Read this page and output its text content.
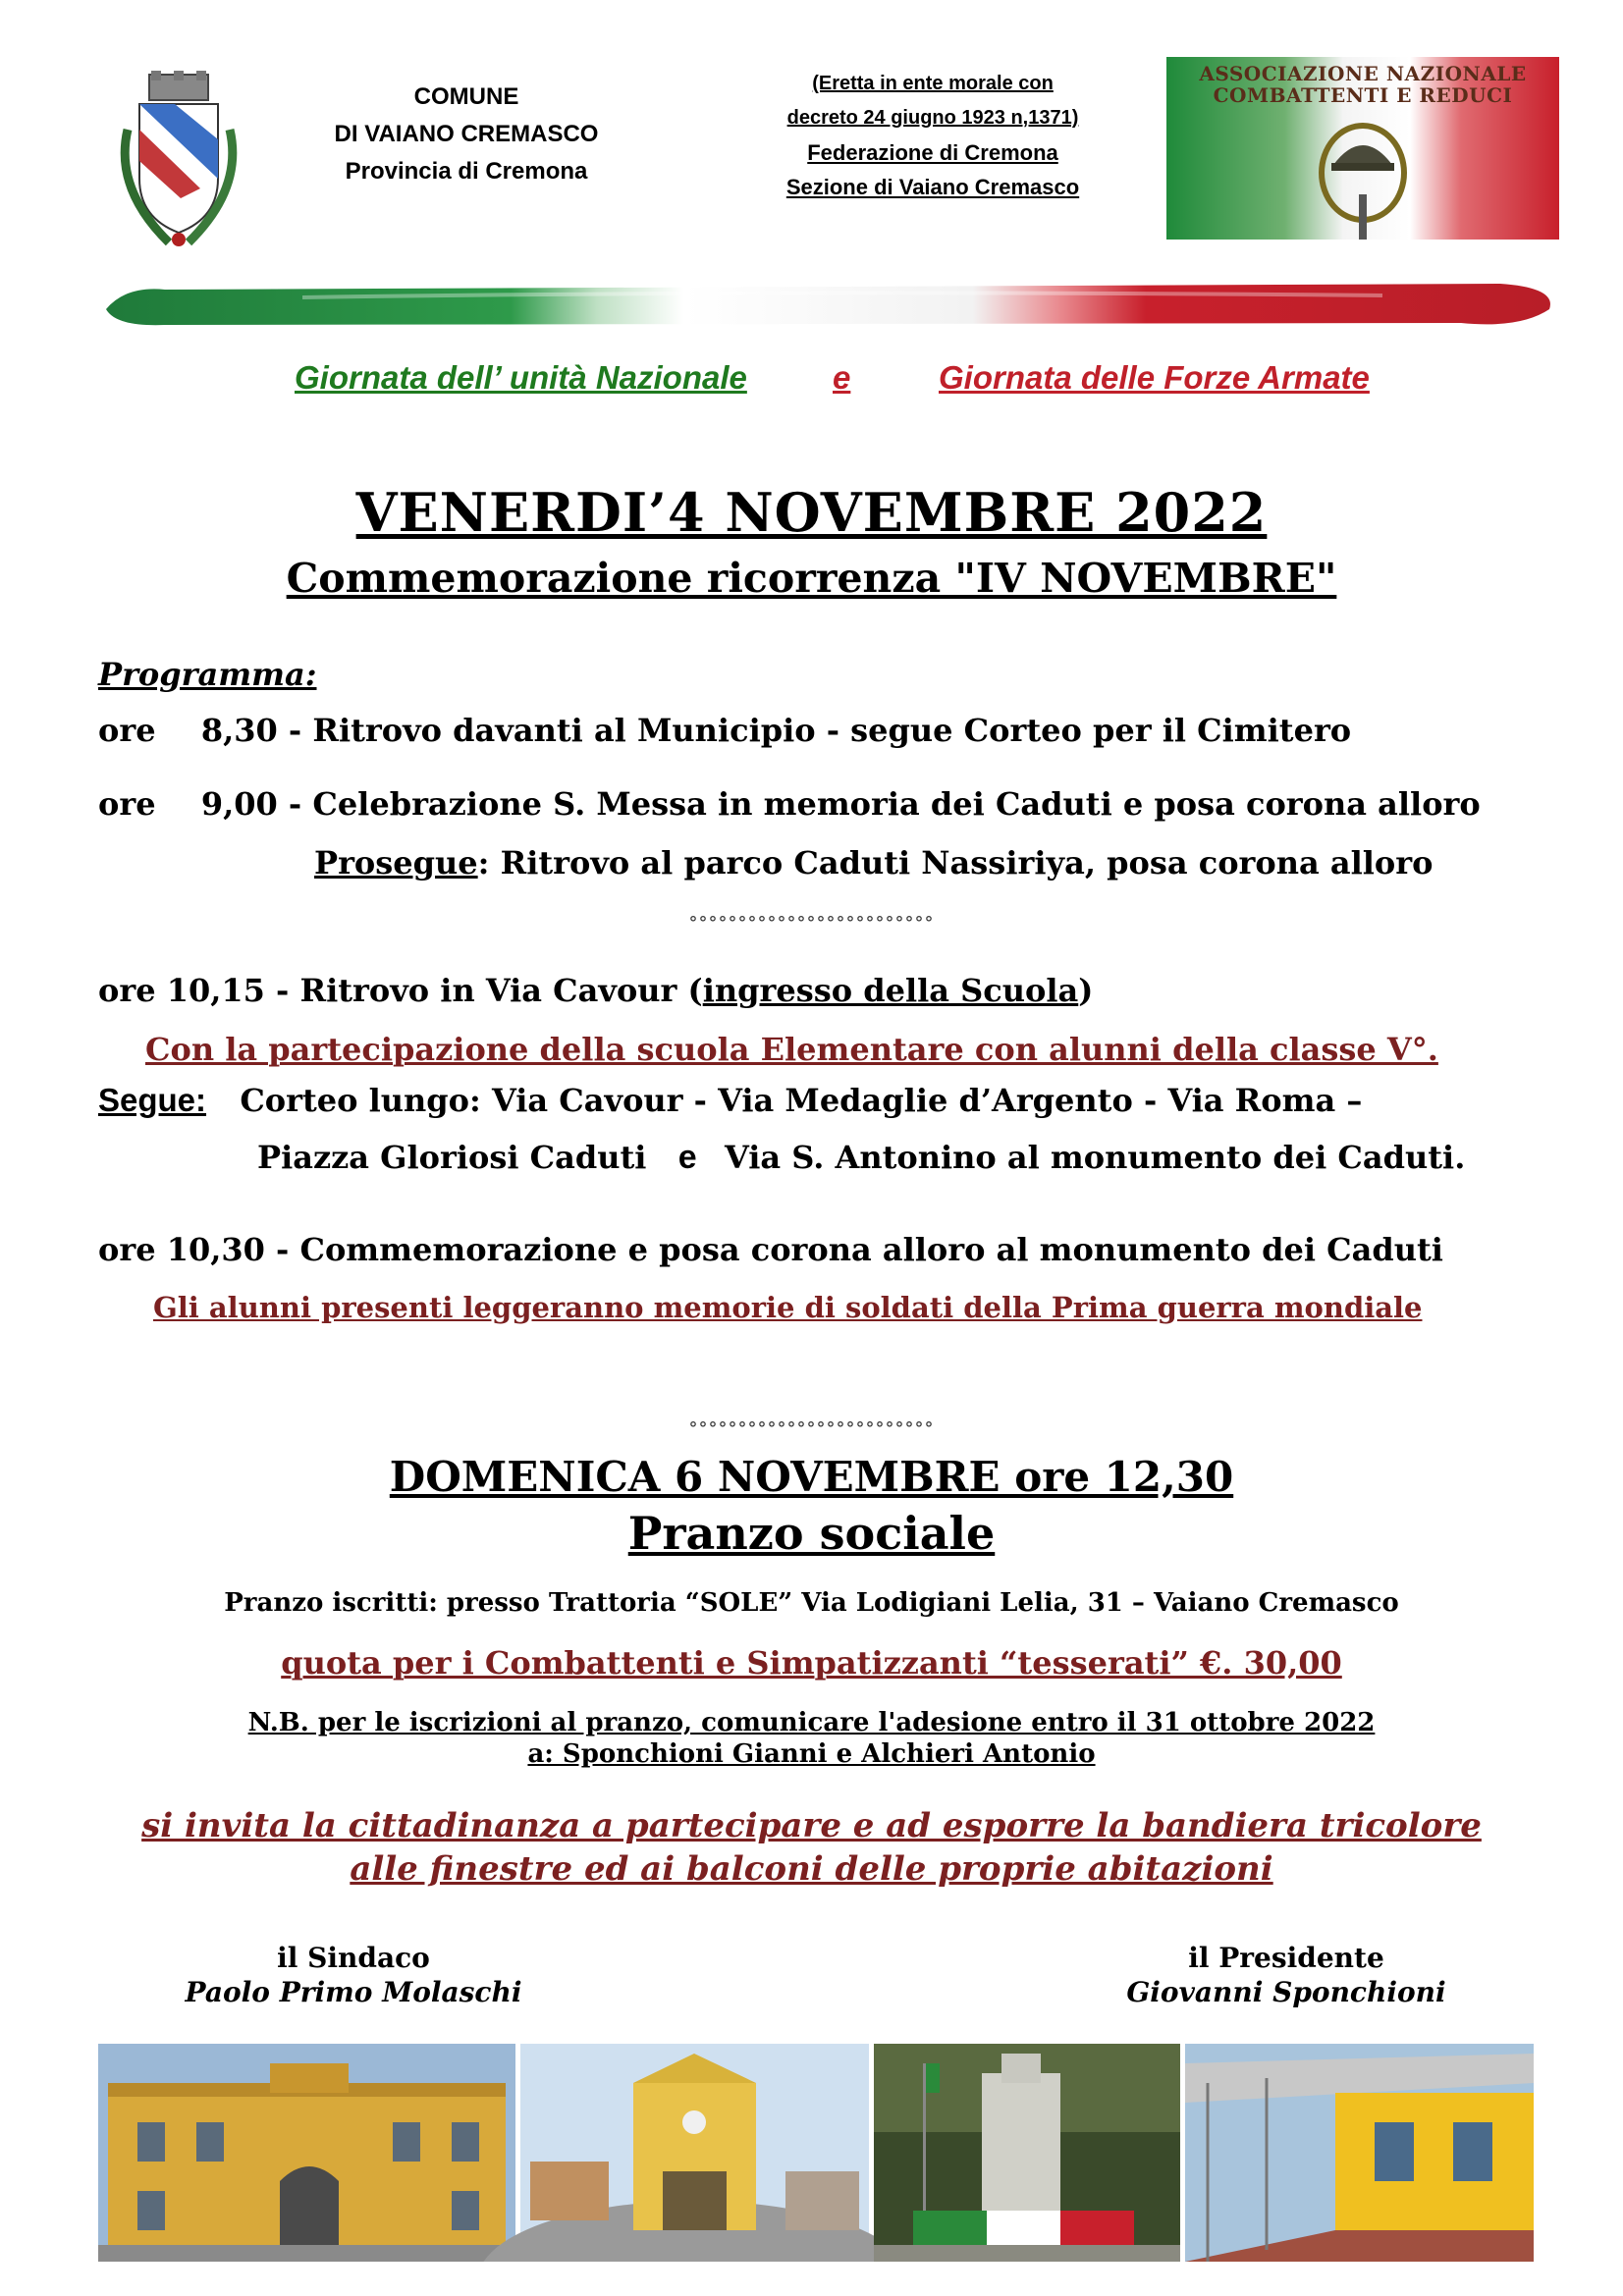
COMUNE
DI VAIANO CREMASCO
Provincia di Cremona
(Eretta in ente morale con
decreto 24 giugno 1923 n,1371)
Federazione di Cremona
Sezione di Vaiano Cremasco
ASSOCIAZIONE NAZIONALE
COMBATTENTI E REDUCI
Giornata dell’ unità Nazionale	e	Giornata delle Forze Armate
VENERDI’4 NOVEMBRE 2022
Commemorazione ricorrenza "IV NOVEMBRE"
Programma:
ore 8,30 - Ritrovo davanti al Municipio - segue Corteo per il Cimitero
ore 9,00 - Celebrazione S. Messa in memoria dei Caduti e posa corona alloro
Prosegue: Ritrovo al parco Caduti Nassiriya, posa corona alloro
°°°°°°°°°°°°°°°°°°°°°°°°°
ore 10,15 - Ritrovo in Via Cavour (ingresso della Scuola)
Con la partecipazione della scuola Elementare con alunni della classe V°.
Segue: Corteo lungo: Via Cavour - Via Medaglie d’Argento - Via Roma –
Piazza Gloriosi Caduti e Via S. Antonino al monumento dei Caduti.
ore 10,30 - Commemorazione e posa corona alloro al monumento dei Caduti
Gli alunni presenti leggeranno memorie di soldati della Prima guerra mondiale
°°°°°°°°°°°°°°°°°°°°°°°°°
DOMENICA 6 NOVEMBRE ore 12,30
Pranzo sociale
Pranzo iscritti: presso Trattoria “SOLE” Via Lodigiani Lelia, 31 – Vaiano Cremasco
quota per i Combattenti e Simpatizzanti “tesserati” €. 30,00
N.B. per le iscrizioni al pranzo, comunicare l'adesione entro il 31 ottobre 2022
a: Sponchioni Gianni e Alchieri Antonio
si invita la cittadinanza a partecipare e ad esporre la bandiera tricolore
alle finestre ed ai balconi delle proprie abitazioni
il Sindaco
Paolo Primo Molaschi
il Presidente
Giovanni Sponchioni
